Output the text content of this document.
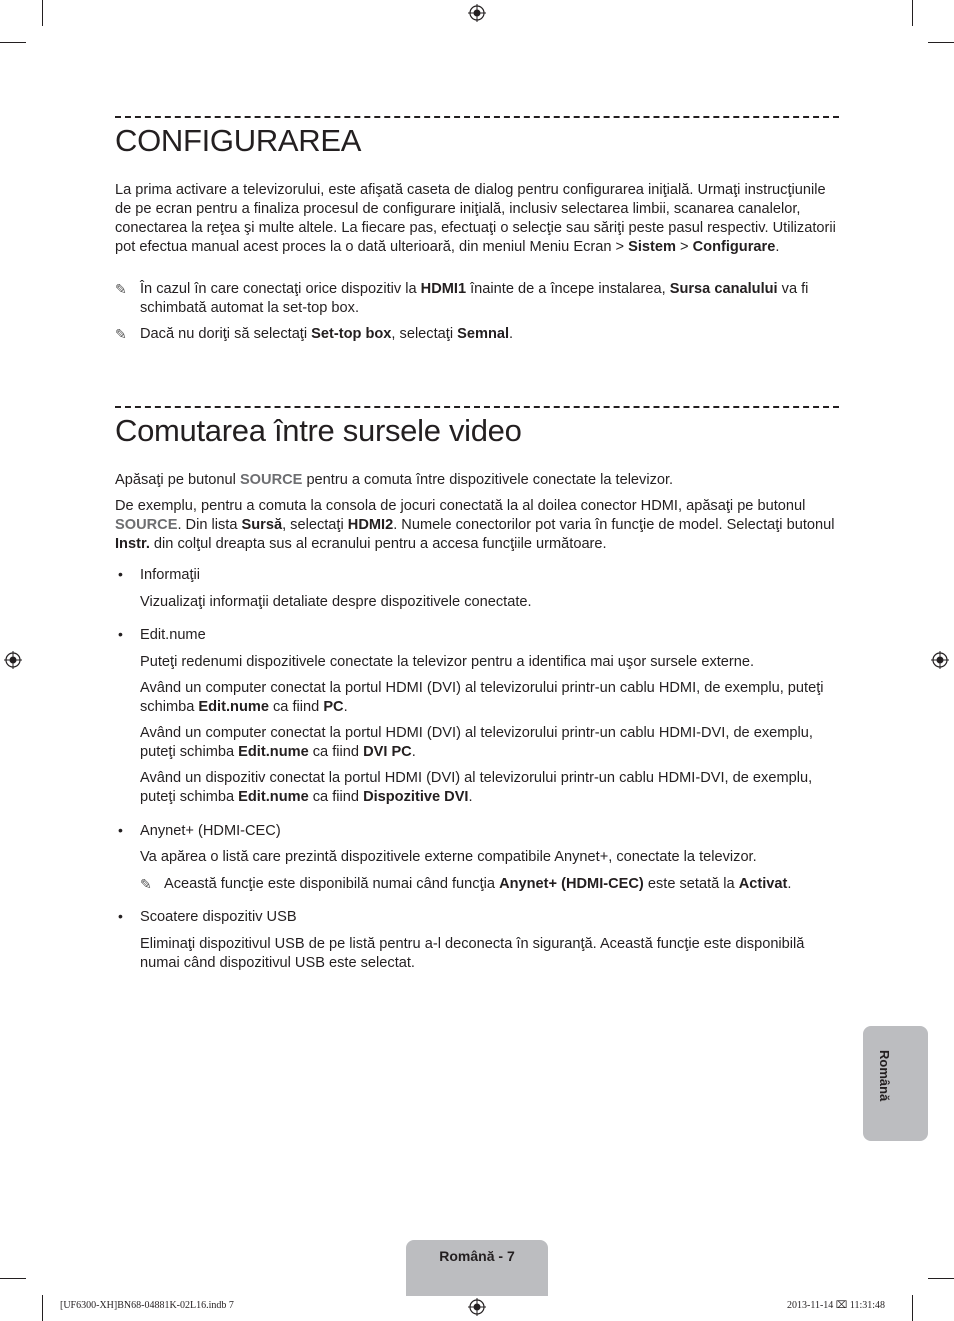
CONFIGURAREA
La prima activare a televizorului, este afişată caseta de dialog pentru configurarea iniţială. Urmaţi instrucţiunile de pe ecran pentru a finaliza procesul de configurare iniţială, inclusiv selectarea limbii, scanarea canalelor, conectarea la reţea şi multe altele. La fiecare pas, efectuaţi o selecţie sau săriţi peste pasul respectiv. Utilizatorii pot efectua manual acest proces la o dată ulterioară, din meniul Meniu Ecran > Sistem > Configurare.
✎ În cazul în care conectaţi orice dispozitiv la HDMI1 înainte de a începe instalarea, Sursa canalului va fi schimbată automat la set-top box.
✎ Dacă nu doriţi să selectaţi Set-top box, selectaţi Semnal.
Comutarea între sursele video
Apăsaţi pe butonul SOURCE pentru a comuta între dispozitivele conectate la televizor.
De exemplu, pentru a comuta la consola de jocuri conectată la al doilea conector HDMI, apăsaţi pe butonul SOURCE. Din lista Sursă, selectaţi HDMI2. Numele conectorilor pot varia în funcţie de model. Selectaţi butonul Instr. din colţul dreapta sus al ecranului pentru a accesa funcţiile următoare.
• Informaţii
Vizualizaţi informaţii detaliate despre dispozitivele conectate.
• Edit.nume
Puteţi redenumi dispozitivele conectate la televizor pentru a identifica mai uşor sursele externe.
Având un computer conectat la portul HDMI (DVI) al televizorului printr-un cablu HDMI, de exemplu, puteţi schimba Edit.nume ca fiind PC.
Având un computer conectat la portul HDMI (DVI) al televizorului printr-un cablu HDMI-DVI, de exemplu, puteţi schimba Edit.nume ca fiind DVI PC.
Având un dispozitiv conectat la portul HDMI (DVI) al televizorului printr-un cablu HDMI-DVI, de exemplu, puteţi schimba Edit.nume ca fiind Dispozitive DVI.
• Anynet+ (HDMI-CEC)
Va apărea o listă care prezintă dispozitivele externe compatibile Anynet+, conectate la televizor.
✎ Această funcţie este disponibilă numai când funcţia Anynet+ (HDMI-CEC) este setată la Activat.
• Scoatere dispozitiv USB
Eliminaţi dispozitivul USB de pe listă pentru a-l deconecta în siguranţă. Această funcţie este disponibilă numai când dispozitivul USB este selectat.
Română
Română - 7
[UF6300-XH]BN68-04881K-02L16.indb 7	2013-11-14 ⌧ 11:31:48
